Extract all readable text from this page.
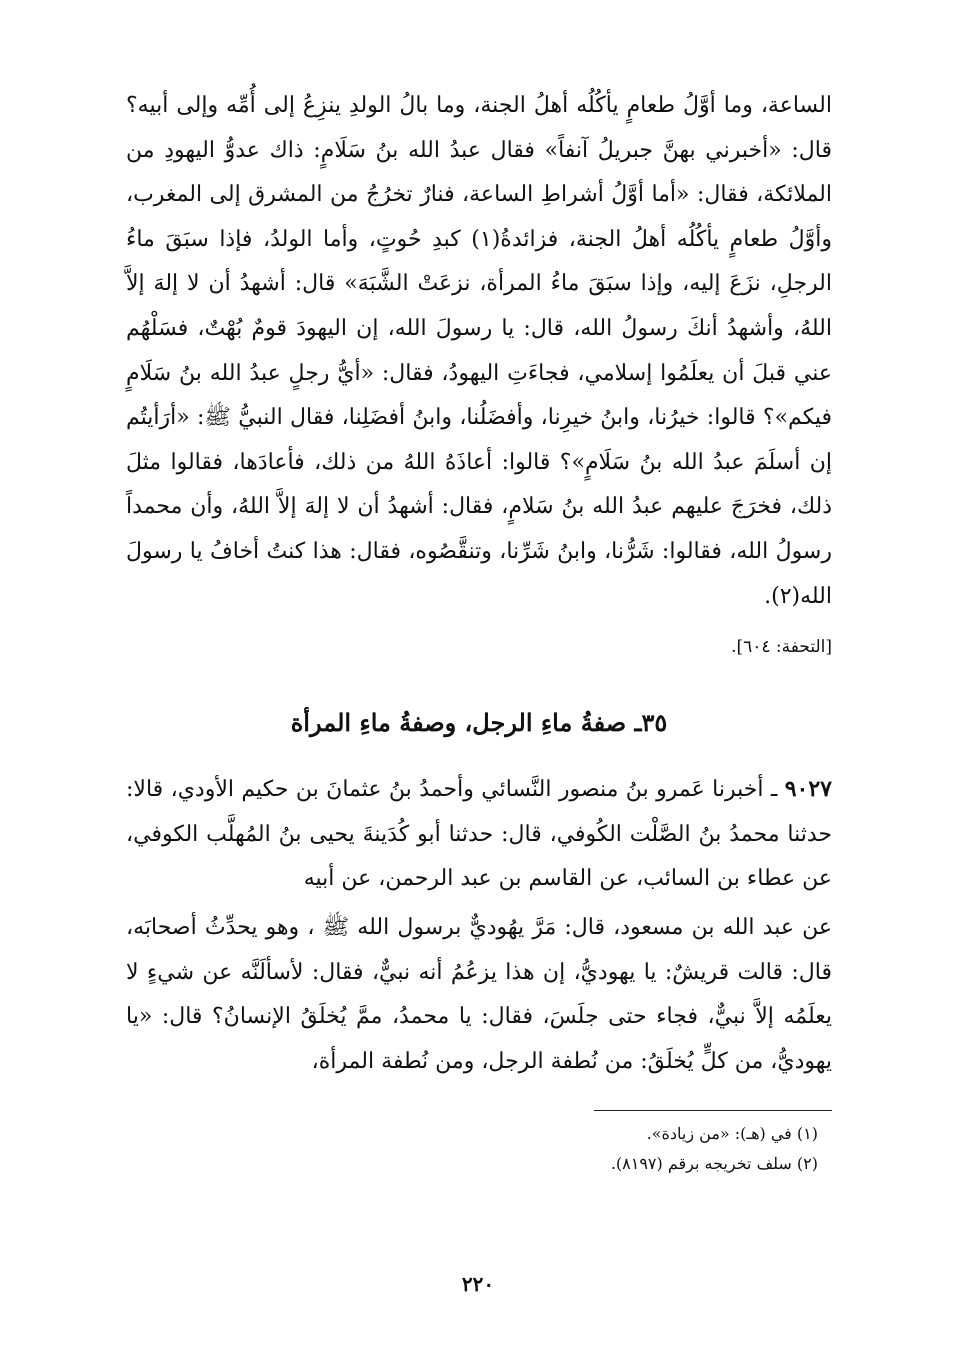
الساعة، وما أوَّلُ طعامٍ يأكُلُه أهلُ الجنة، وما بالُ الولدِ ينزِعُ إلى أُمِّه وإلى أبيه؟ قال: «أخبرني بهنَّ جبريلُ آنفاً» فقال عبدُ الله بنُ سَلَامٍ: ذاك عدوُّ اليهودِ من الملائكة، فقال: «أما أوَّلُ أشراطِ الساعة، فنارٌ تخرُجُ من المشرق إلى المغرب، وأوَّلُ طعامٍ يأكُلُه أهلُ الجنة، فزائدةُ(١) كبدِ حُوتٍ، وأما الولدُ، فإذا سبَقَ ماءُ الرجلِ، نزَعَ إليه، وإذا سبَقَ ماءُ المرأة، نزعَتْ الشَّبَهَ» قال: أشهدُ أن لا إلهَ إلاَّ اللهُ، وأشهدُ أنكَ رسولُ الله، قال: يا رسولَ الله، إن اليهودَ قومٌ بُهْتٌ، فسَلْهُم عني قبلَ أن يعلَمُوا إسلامي، فجاءَتِ اليهودُ، فقال: «أيُّ رجلٍ عبدُ الله بنُ سَلَامٍ فيكم»؟ قالوا: خيرُنا، وابنُ خيرِنا، وأفضَلُنا، وابنُ أفضَلِنا، فقال النبيُّ ﷺ: «أرَأيتُم إن أسلَمَ عبدُ الله بنُ سَلَامٍ»؟ قالوا: أعاذَهُ اللهُ من ذلك، فأعادَها، فقالوا مثلَ ذلك، فخرَجَ عليهم عبدُ الله بنُ سَلامٍ، فقال: أشهدُ أن لا إلهَ إلاَّ اللهُ، وأن محمداً رسولُ الله، فقالوا: شَرُّنا، وابنُ شَرِّنا، وتنقَّصُوه، فقال: هذا كنتُ أخافُ يا رسولَ الله(٢).

[التحفة: ٦٠٤].

٣٥ـ صفةُ ماءِ الرجل، وصفةُ ماءِ المرأة

٩٠٢٧ ـ أخبرنا عَمرو بنُ منصور النَّسائي وأحمدُ بنُ عثمانَ بن حكيم الأودي، قالا: حدثنا محمدُ بنُ الصَّلْت الكُوفي، قال: حدثنا أبو كُدَينةَ يحيى بنُ المُهلَّب الكوفي، عن عطاء بن السائب، عن القاسم بن عبد الرحمن، عن أبيه

عن عبد الله بن مسعود، قال: مَرَّ يهُوديٌّ برسول الله ﷺ ، وهو يحدِّثُ أصحابَه، قال: قالت قريشٌ: يا يهوديُّ، إن هذا يزعُمُ أنه نبيٌّ، فقال: لأسألَنَّه عن شيءٍ لا يعلَمُه إلاَّ نبيٌّ، فجاء حتى جلَسَ، فقال: يا محمدُ، ممَّ يُخلَقُ الإنسانُ؟ قال: «يا يهوديُّ، من كلٍّ يُخلَقُ: من نُطفة الرجل، ومن نُطفة المرأة،

(١) في (هـ): «من زيادة».
(٢) سلف تخريجه برقم (٨١٩٧).
٢٢٠
